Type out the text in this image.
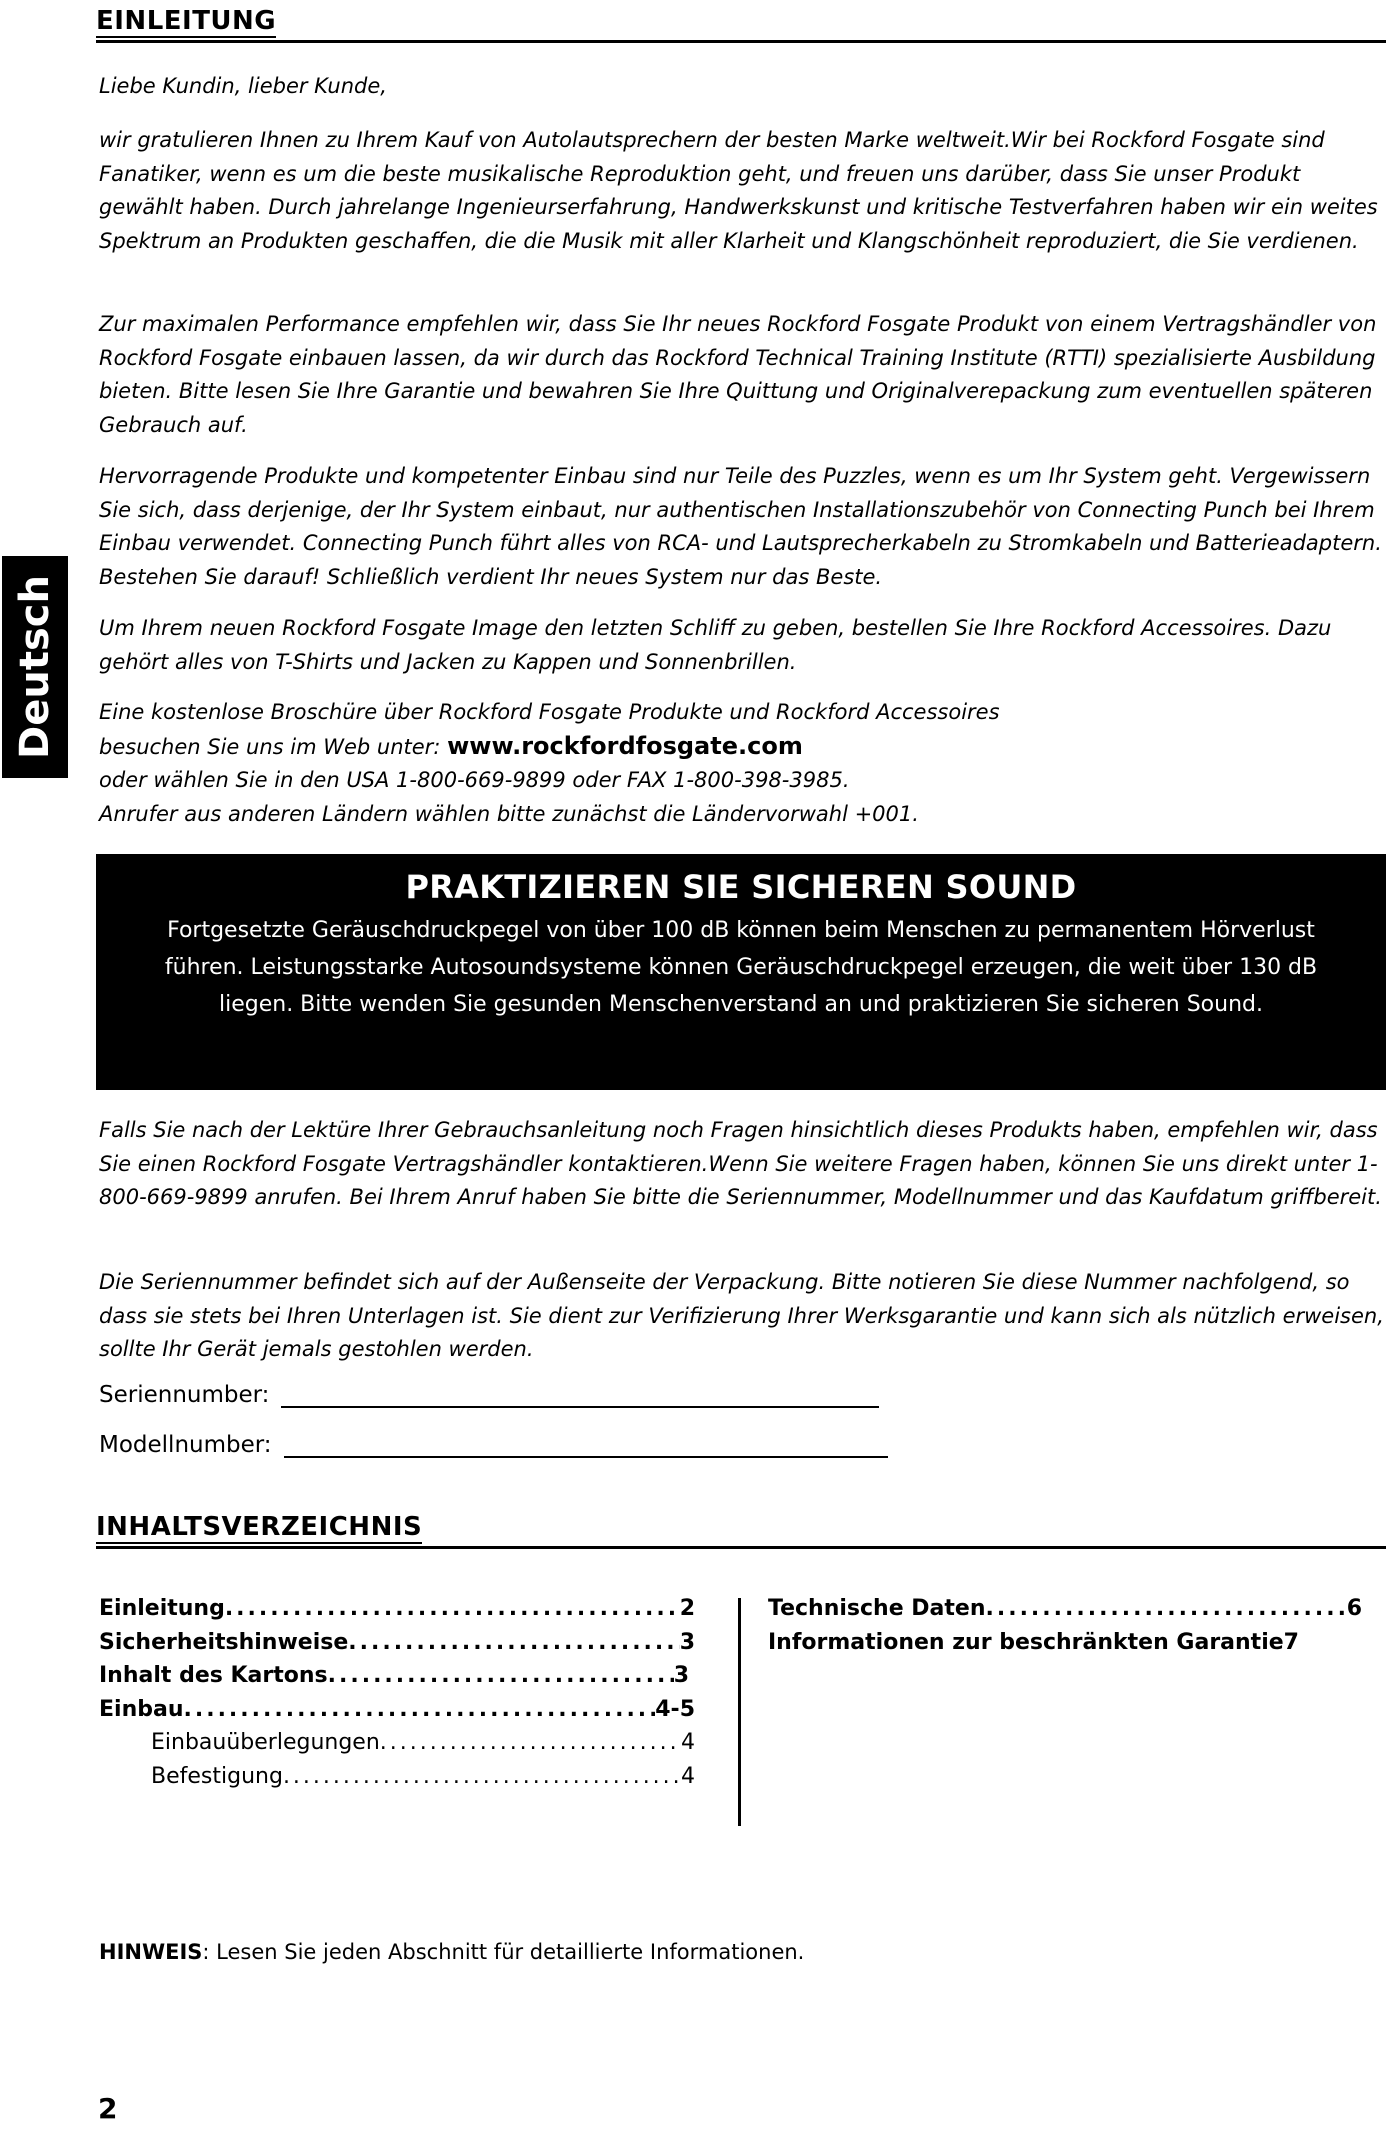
EINLEITUNG
Deutsch

Liebe Kundin, lieber Kunde,

wir gratulieren Ihnen zu Ihrem Kauf von Autolautsprechern der besten Marke weltweit.Wir bei Rockford Fosgate sind Fanatiker, wenn es um die beste musikalische Reproduktion geht, und freuen uns darüber, dass Sie unser Produkt gewählt haben. Durch jahrelange Ingenieurserfahrung, Handwerkskunst und kritische Testverfahren haben wir ein weites Spektrum an Produkten geschaffen, die die Musik mit aller Klarheit und Klangschönheit reproduziert, die Sie verdienen.

Zur maximalen Performance empfehlen wir, dass Sie Ihr neues Rockford Fosgate Produkt von einem Vertragshändler von Rockford Fosgate einbauen lassen, da wir durch das Rockford Technical Training Institute (RTTI) spezialisierte Ausbildung bieten. Bitte lesen Sie Ihre Garantie und bewahren Sie Ihre Quittung und Originalverepackung zum eventuellen späteren Gebrauch auf.

Hervorragende Produkte und kompetenter Einbau sind nur Teile des Puzzles, wenn es um Ihr System geht. Vergewissern Sie sich, dass derjenige, der Ihr System einbaut, nur authentischen Installationszubehör von Connecting Punch bei Ihrem Einbau verwendet. Connecting Punch führt alles von RCA- und Lautsprecherkabeln zu Stromkabeln und Batterieadaptern. Bestehen Sie darauf! Schließlich verdient Ihr neues System nur das Beste.

Um Ihrem neuen Rockford Fosgate Image den letzten Schliff zu geben, bestellen Sie Ihre Rockford Accessoires. Dazu gehört alles von T-Shirts und Jacken zu Kappen und Sonnenbrillen.

Eine kostenlose Broschüre über Rockford Fosgate Produkte und Rockford Accessoires
besuchen Sie uns im Web unter: www.rockfordfosgate.com
oder wählen Sie in den USA 1-800-669-9899 oder FAX 1-800-398-3985.
Anrufer aus anderen Ländern wählen bitte zunächst die Ländervorwahl +001.
PRAKTIZIEREN SIE SICHEREN SOUND
Fortgesetzte Geräuschdruckpegel von über 100 dB können beim Menschen zu permanentem Hörverlust führen. Leistungsstarke Autosoundsysteme können Geräuschdruckpegel erzeugen, die weit über 130 dB liegen. Bitte wenden Sie gesunden Menschenverstand an und praktizieren Sie sicheren Sound.

Falls Sie nach der Lektüre Ihrer Gebrauchsanleitung noch Fragen hinsichtlich dieses Produkts haben, empfehlen wir, dass Sie einen Rockford Fosgate Vertragshändler kontaktieren.Wenn Sie weitere Fragen haben, können Sie uns direkt unter 1-800-669-9899 anrufen. Bei Ihrem Anruf haben Sie bitte die Seriennummer, Modellnummer und das Kaufdatum griffbereit.

Die Seriennummer befindet sich auf der Außenseite der Verpackung. Bitte notieren Sie diese Nummer nachfolgend, so dass sie stets bei Ihren Unterlagen ist. Sie dient zur Verifizierung Ihrer Werksgarantie und kann sich als nützlich erweisen, sollte Ihr Gerät jemals gestohlen werden.

Seriennumber:
Modellnumber:
INHALTSVERZEICHNIS
Einleitung .....	2
Sicherheitshinweise .....	3
Inhalt des Kartons .....	3
Einbau .....	4-5
Einbauüberlegungen .....	4
Befestigung .....	4
Technische Daten .....	6
Informationen zur beschränkten Garantie 7
HINWEIS: Lesen Sie jeden Abschnitt für detaillierte Informationen.
2
